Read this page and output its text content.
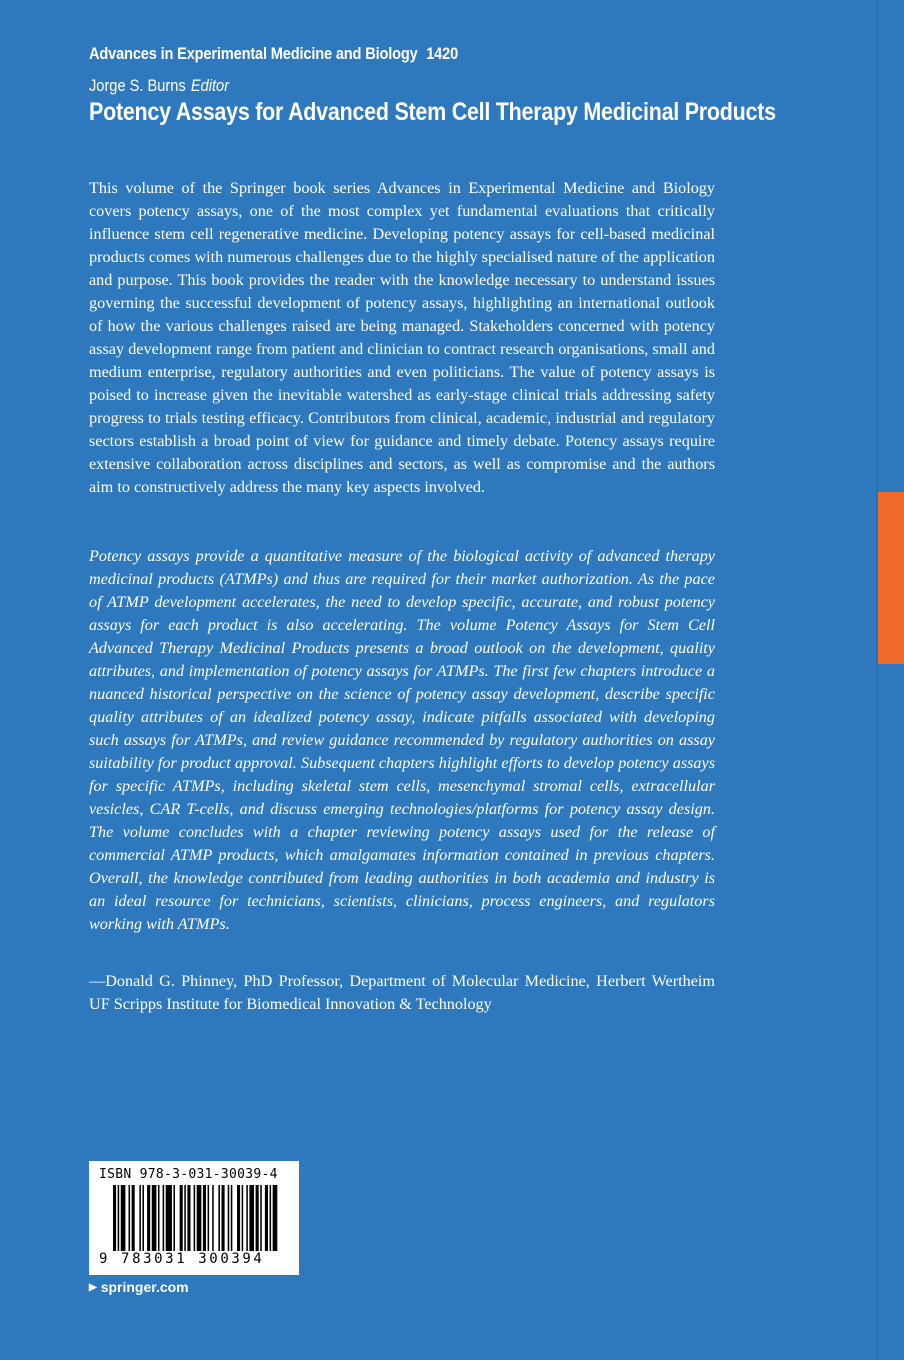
Advances in Experimental Medicine and Biology 1420
Jorge S. Burns Editor
Potency Assays for Advanced Stem Cell Therapy Medicinal Products

This volume of the Springer book series Advances in Experimental Medicine and Biology covers potency assays, one of the most complex yet fundamental evaluations that critically influence stem cell regenerative medicine. Developing potency assays for cell-based medicinal products comes with numerous challenges due to the highly specialised nature of the application and purpose. This book provides the reader with the knowledge necessary to understand issues governing the successful development of potency assays, highlighting an international outlook of how the various challenges raised are being managed. Stakeholders concerned with potency assay development range from patient and clinician to contract research organisations, small and medium enterprise, regulatory authorities and even politicians. The value of potency assays is poised to increase given the inevitable watershed as early-stage clinical trials addressing safety progress to trials testing efficacy. Contributors from clinical, academic, industrial and regulatory sectors establish a broad point of view for guidance and timely debate. Potency assays require extensive collaboration across disciplines and sectors, as well as compromise and the authors aim to constructively address the many key aspects involved.

Potency assays provide a quantitative measure of the biological activity of advanced therapy medicinal products (ATMPs) and thus are required for their market authorization. As the pace of ATMP development accelerates, the need to develop specific, accurate, and robust potency assays for each product is also accelerating. The volume Potency Assays for Stem Cell Advanced Therapy Medicinal Products presents a broad outlook on the development, quality attributes, and implementation of potency assays for ATMPs. The first few chapters introduce a nuanced historical perspective on the science of potency assay development, describe specific quality attributes of an idealized potency assay, indicate pitfalls associated with developing such assays for ATMPs, and review guidance recommended by regulatory authorities on assay suitability for product approval. Subsequent chapters highlight efforts to develop potency assays for specific ATMPs, including skeletal stem cells, mesenchymal stromal cells, extracellular vesicles, CAR T-cells, and discuss emerging technologies/platforms for potency assay design. The volume concludes with a chapter reviewing potency assays used for the release of commercial ATMP products, which amalgamates information contained in previous chapters. Overall, the knowledge contributed from leading authorities in both academia and industry is an ideal resource for technicians, scientists, clinicians, process engineers, and regulators working with ATMPs.

—Donald G. Phinney, PhD Professor, Department of Molecular Medicine, Herbert Wertheim UF Scripps Institute for Biomedical Innovation & Technology

ISBN 978-3-031-30039-4
9 783031 300394
▶ springer.com
